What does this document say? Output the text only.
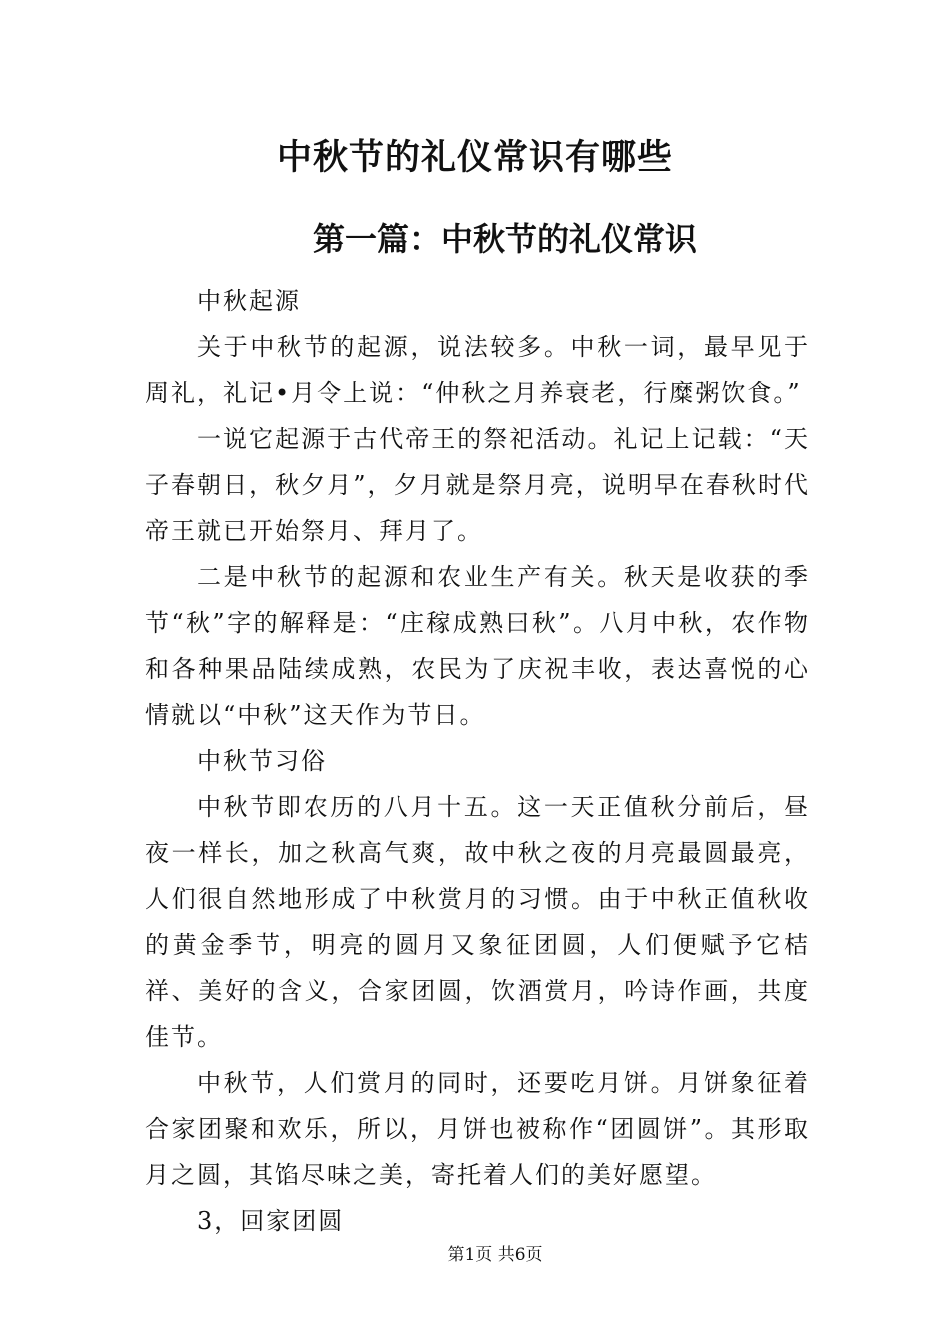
中秋节的礼仪常识有哪些
第一篇：中秋节的礼仪常识

中秋起源

关于中秋节的起源，说法较多。中秋一词，最早见于周礼，礼记•月令上说：“仲秋之月养衰老，行糜粥饮食。”

一说它起源于古代帝王的祭祀活动。礼记上记载：“天子春朝日，秋夕月”，夕月就是祭月亮，说明早在春秋时代帝王就已开始祭月、拜月了。

二是中秋节的起源和农业生产有关。秋天是收获的季节“秋”字的解释是：“庄稼成熟曰秋”。八月中秋，农作物和各种果品陆续成熟，农民为了庆祝丰收，表达喜悦的心情就以“中秋”这天作为节日。

中秋节习俗

中秋节即农历的八月十五。这一天正值秋分前后，昼夜一样长，加之秋高气爽，故中秋之夜的月亮最圆最亮，人们很自然地形成了中秋赏月的习惯。由于中秋正值秋收的黄金季节，明亮的圆月又象征团圆，人们便赋予它桔祥、美好的含义，合家团圆，饮酒赏月，吟诗作画，共度佳节。

中秋节，人们赏月的同时，还要吃月饼。月饼象征着合家团聚和欢乐，所以，月饼也被称作“团圆饼”。其形取月之圆，其馅尽味之美，寄托着人们的美好愿望。

3，回家团圆

第1页 共6页
